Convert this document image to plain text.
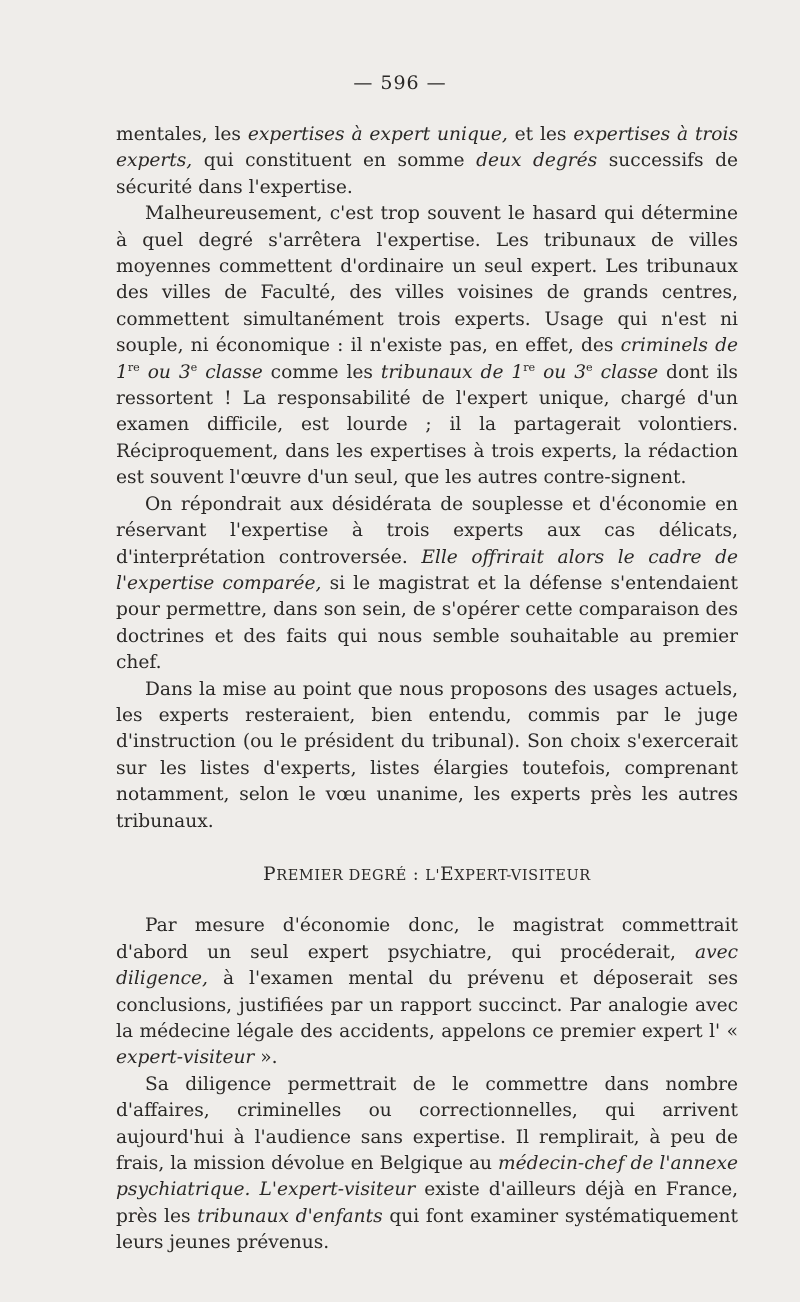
— 596 —

mentales, les expertises à expert unique, et les expertises à trois experts, qui constituent en somme deux degrés successifs de sécurité dans l'expertise.

Malheureusement, c'est trop souvent le hasard qui détermine à quel degré s'arrêtera l'expertise. Les tribunaux de villes moyennes commettent d'ordinaire un seul expert. Les tribunaux des villes de Faculté, des villes voisines de grands centres, commettent simultanément trois experts. Usage qui n'est ni souple, ni économique : il n'existe pas, en effet, des criminels de 1re ou 3e classe comme les tribunaux de 1re ou 3e classe dont ils ressortent ! La responsabilité de l'expert unique, chargé d'un examen difficile, est lourde ; il la partagerait volontiers. Réciproquement, dans les expertises à trois experts, la rédaction est souvent l'œuvre d'un seul, que les autres contre-signent.

On répondrait aux désidérata de souplesse et d'économie en réservant l'expertise à trois experts aux cas délicats, d'interprétation controversée. Elle offrirait alors le cadre de l'expertise comparée, si le magistrat et la défense s'entendaient pour permettre, dans son sein, de s'opérer cette comparaison des doctrines et des faits qui nous semble souhaitable au premier chef.

Dans la mise au point que nous proposons des usages actuels, les experts resteraient, bien entendu, commis par le juge d'instruction (ou le président du tribunal). Son choix s'exercerait sur les listes d'experts, listes élargies toutefois, comprenant notamment, selon le vœu unanime, les experts près les autres tribunaux.

PREMIER DEGRÉ : L'EXPERT-VISITEUR

Par mesure d'économie donc, le magistrat commettrait d'abord un seul expert psychiatre, qui procéderait, avec diligence, à l'examen mental du prévenu et déposerait ses conclusions, justifiées par un rapport succinct. Par analogie avec la médecine légale des accidents, appelons ce premier expert l' « expert-visiteur ».

Sa diligence permettrait de le commettre dans nombre d'affaires, criminelles ou correctionnelles, qui arrivent aujourd'hui à l'audience sans expertise. Il remplirait, à peu de frais, la mission dévolue en Belgique au médecin-chef de l'annexe psychiatrique. L'expert-visiteur existe d'ailleurs déjà en France, près les tribunaux d'enfants qui font examiner systématiquement leurs jeunes prévenus.
